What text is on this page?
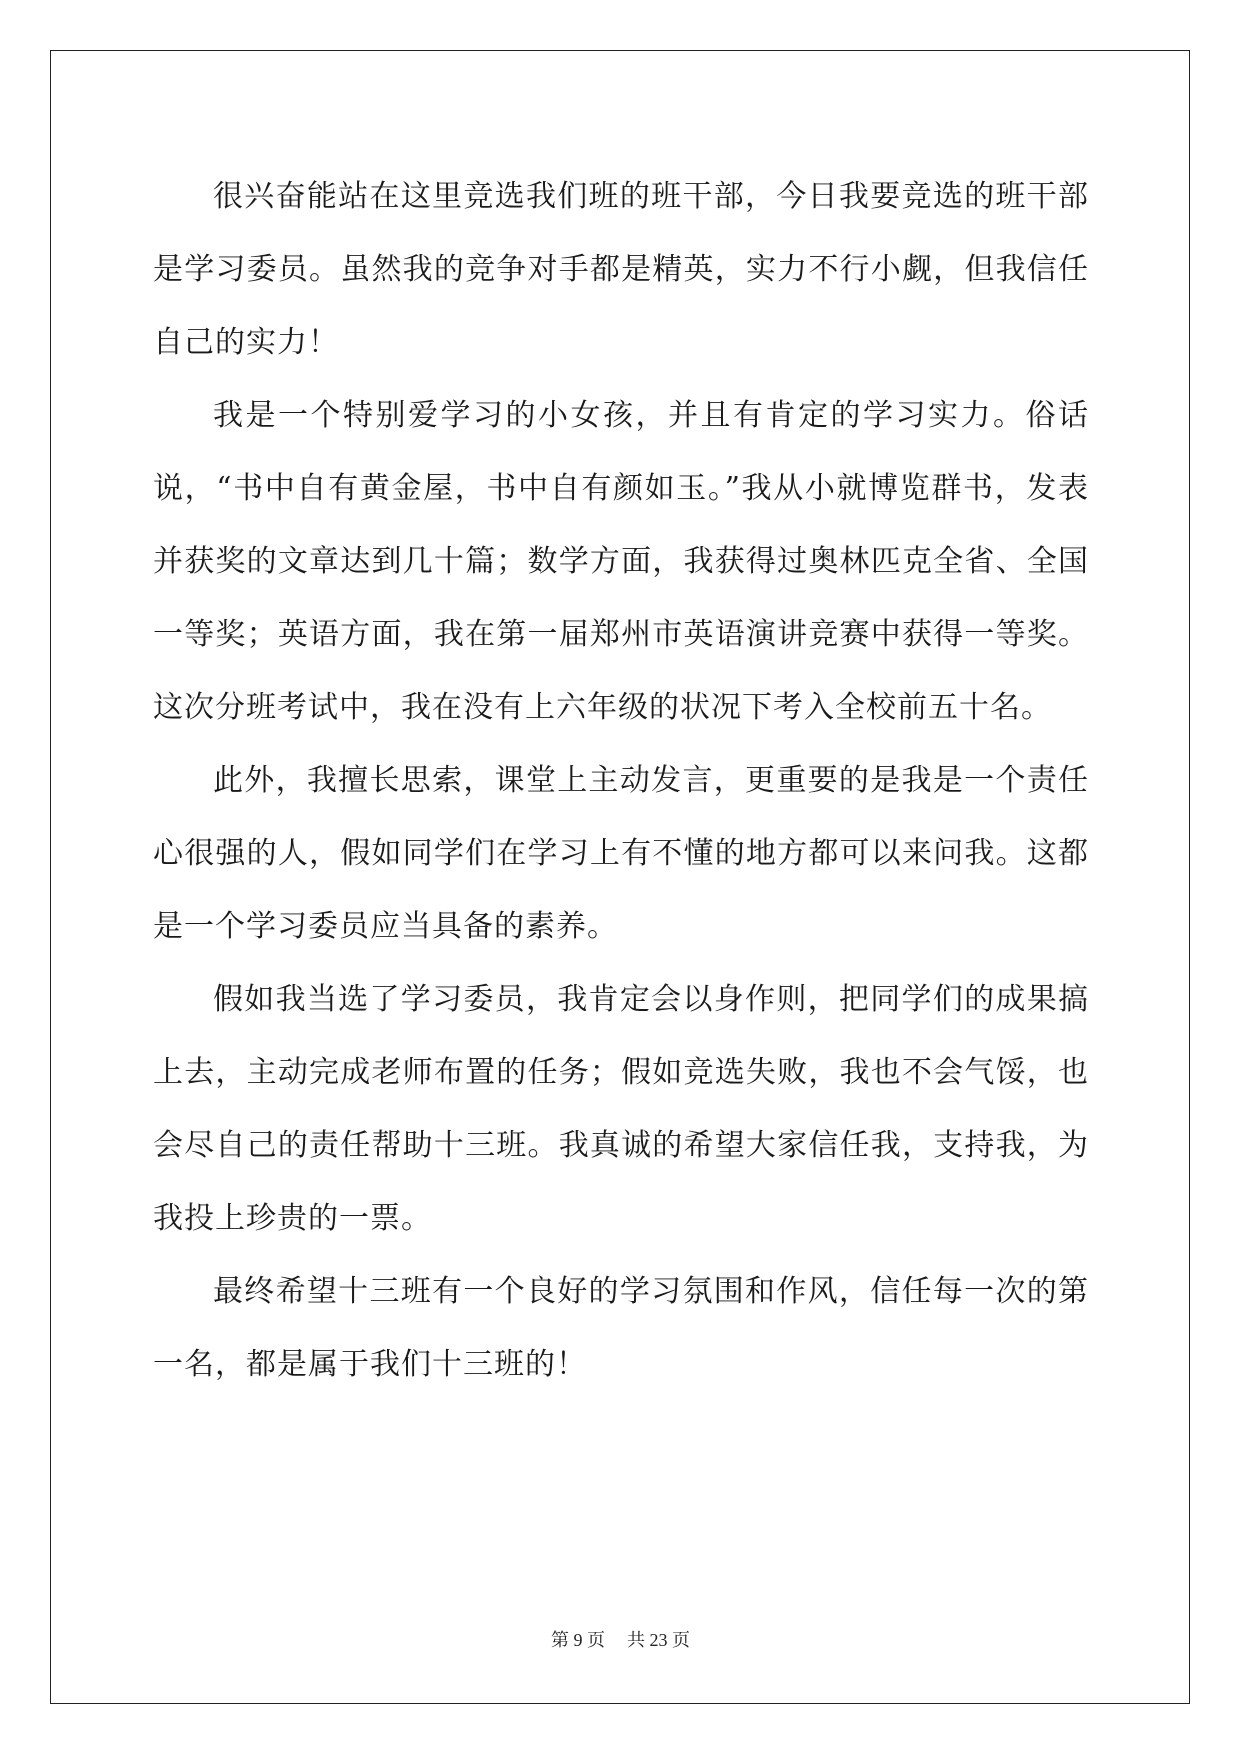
很兴奋能站在这里竞选我们班的班干部，今日我要竞选的班干部是学习委员。虽然我的竞争对手都是精英，实力不行小觑，但我信任自己的实力！

我是一个特别爱学习的小女孩，并且有肯定的学习实力。俗话说，“书中自有黄金屋，书中自有颜如玉。”我从小就博览群书，发表并获奖的文章达到几十篇；数学方面，我获得过奥林匹克全省、全国一等奖；英语方面，我在第一届郑州市英语演讲竞赛中获得一等奖。这次分班考试中，我在没有上六年级的状况下考入全校前五十名。

此外，我擅长思索，课堂上主动发言，更重要的是我是一个责任心很强的人，假如同学们在学习上有不懂的地方都可以来问我。这都是一个学习委员应当具备的素养。

假如我当选了学习委员，我肯定会以身作则，把同学们的成果搞上去，主动完成老师布置的任务；假如竞选失败，我也不会气馁，也会尽自己的责任帮助十三班。我真诚的希望大家信任我，支持我，为我投上珍贵的一票。

最终希望十三班有一个良好的学习氛围和作风，信任每一次的第一名，都是属于我们十三班的！

第 9 页 共 23 页
